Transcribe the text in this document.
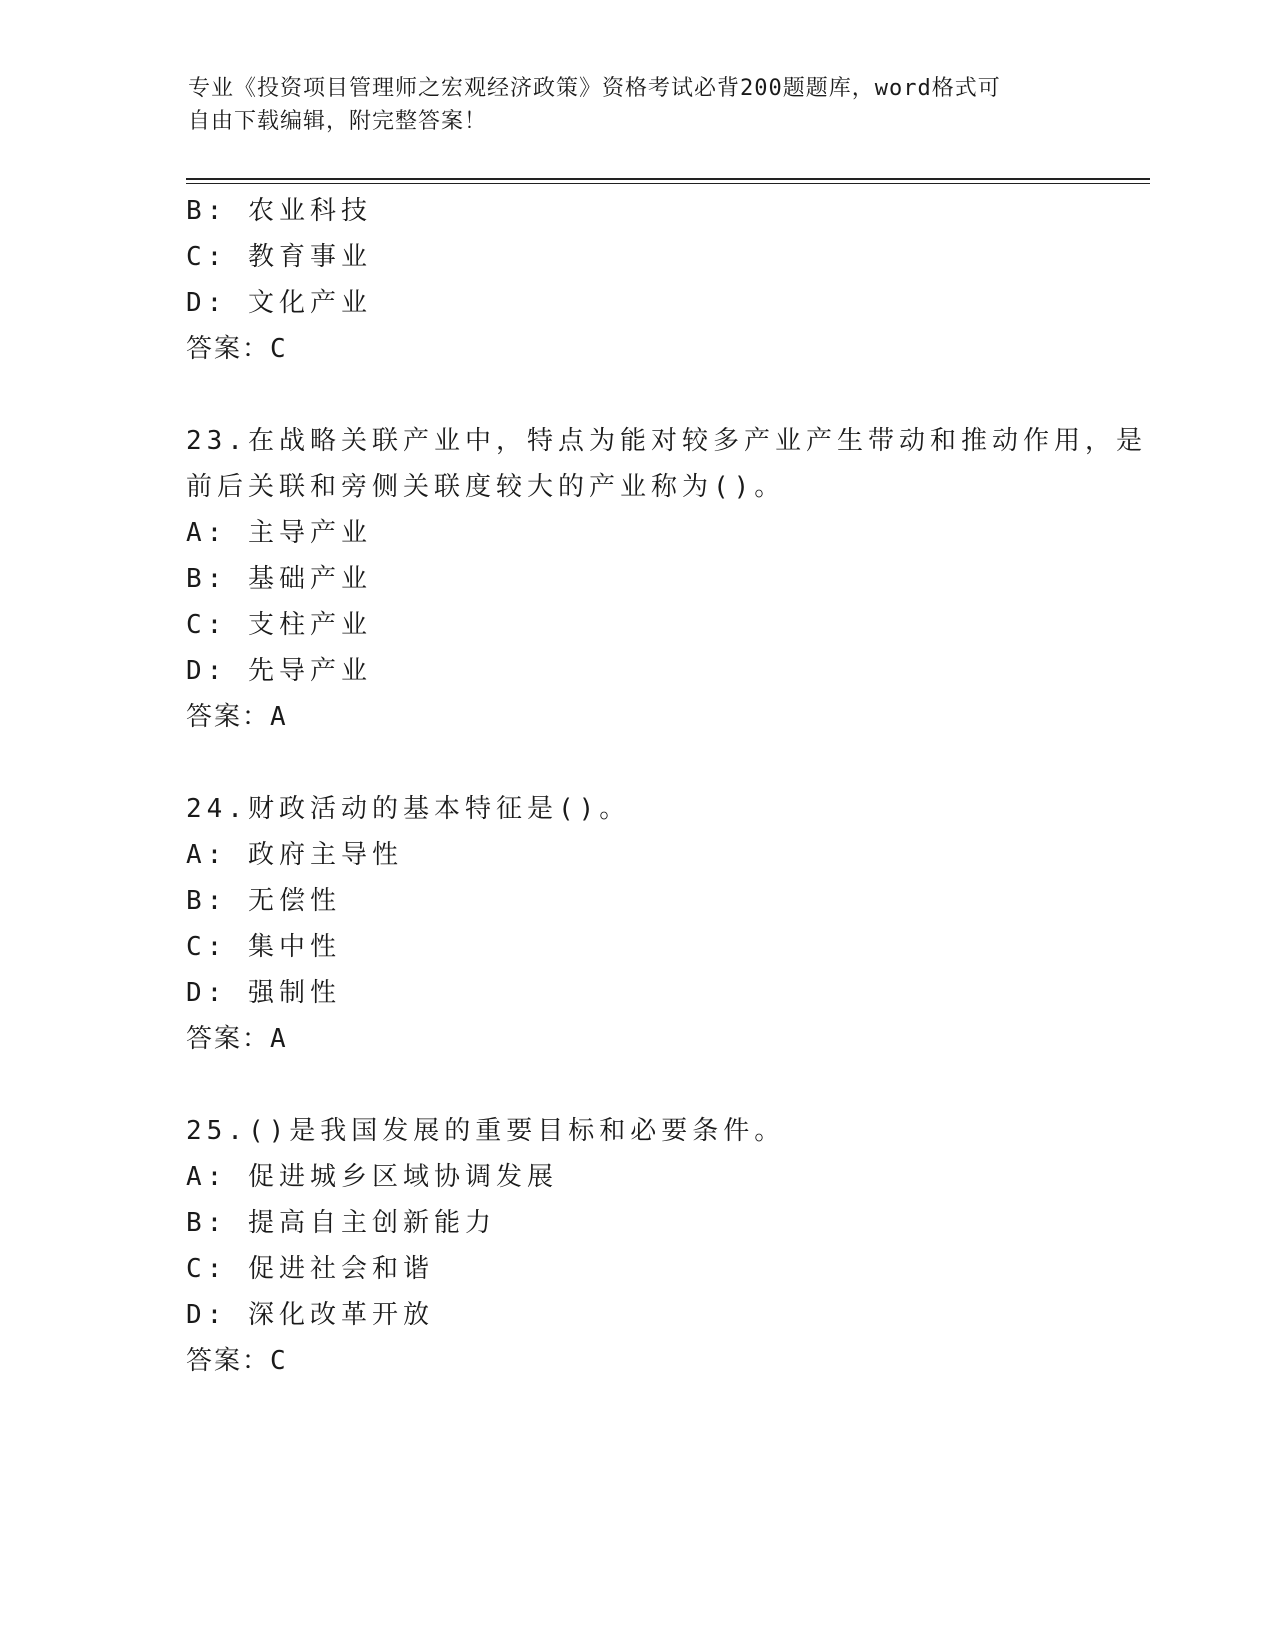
专业《投资项目管理师之宏观经济政策》资格考试必背200题题库，word格式可
自由下载编辑，附完整答案！
B: 农业科技
C: 教育事业
D: 文化产业
答案：C
23.在战略关联产业中，特点为能对较多产业产生带动和推动作用，是
前后关联和旁侧关联度较大的产业称为()。
A: 主导产业
B: 基础产业
C: 支柱产业
D: 先导产业
答案：A
24.财政活动的基本特征是()。
A: 政府主导性
B: 无偿性
C: 集中性
D: 强制性
答案：A
25.()是我国发展的重要目标和必要条件。
A: 促进城乡区域协调发展
B: 提高自主创新能力
C: 促进社会和谐
D: 深化改革开放
答案：C
